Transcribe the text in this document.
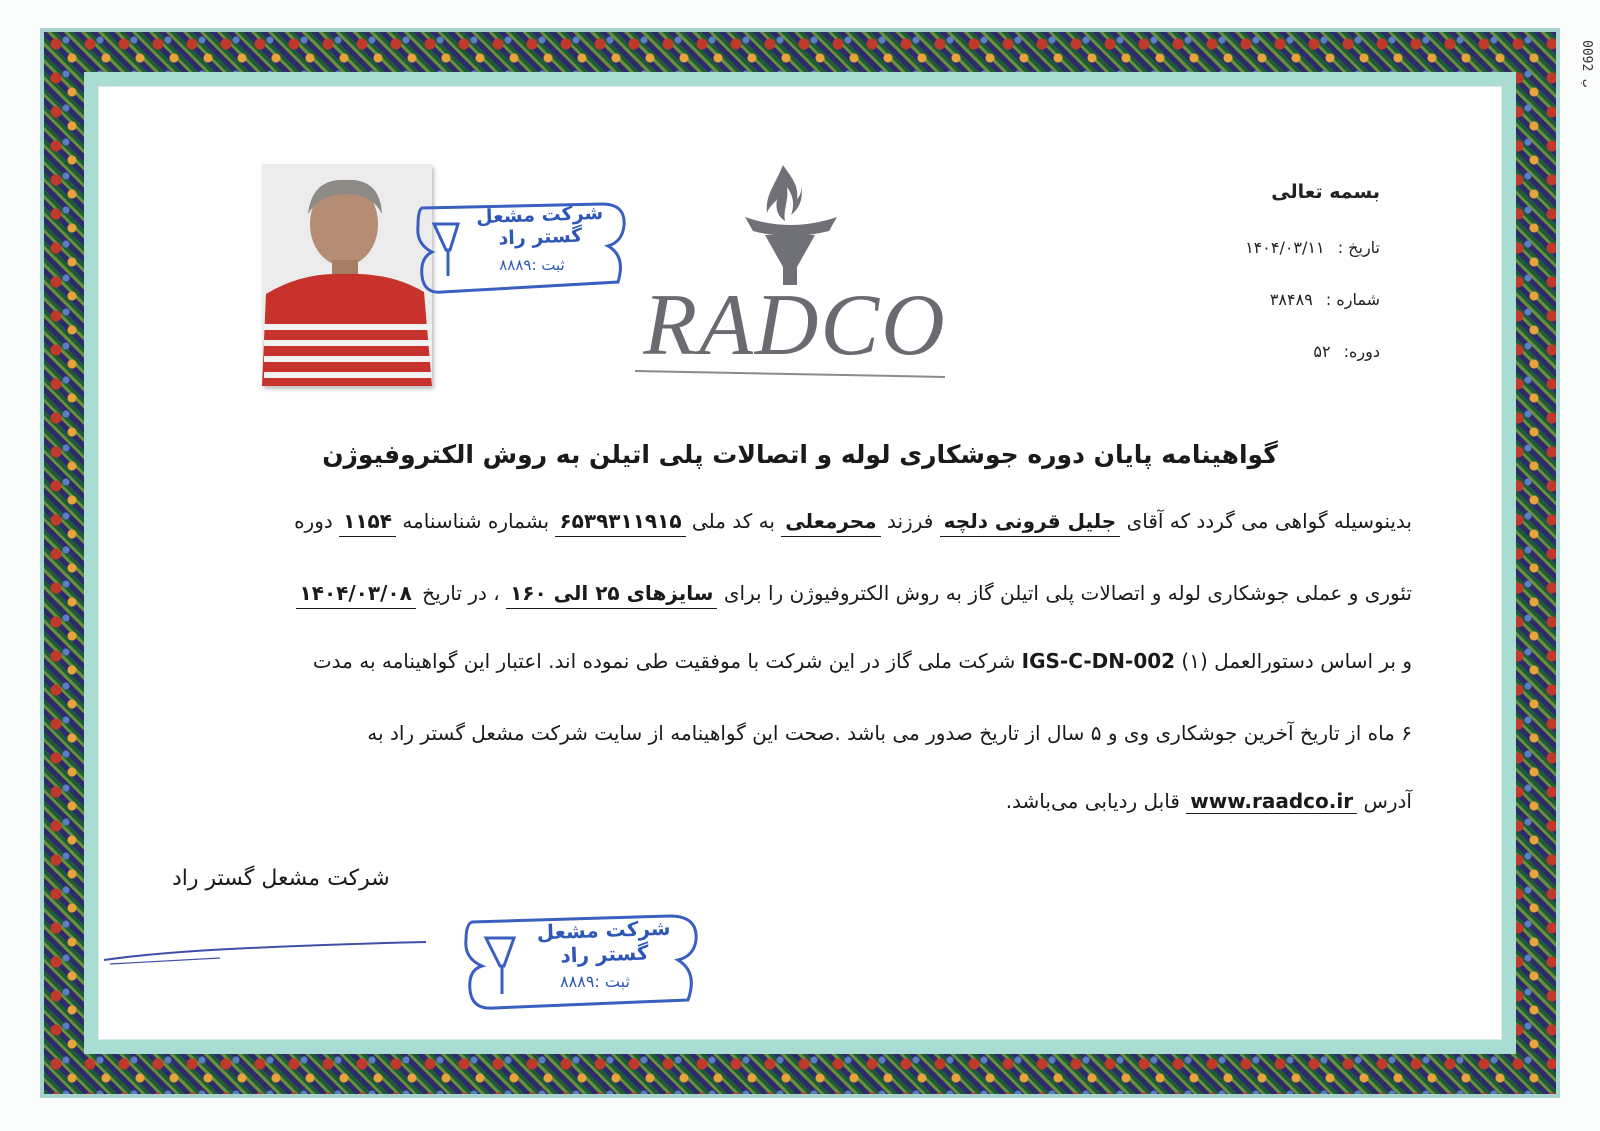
0092 ب
بسمه تعالی
تاریخ : ۱۴۰۴/۰۳/۱۱
شماره : ۳۸۴۸۹
دوره: ۵۲
RADCO
شرکت مشعل گستر راد
ثبت :۸۸۸۹
گواهینامه پایان دوره جوشکاری لوله و اتصالات پلی اتیلن به روش الکتروفیوژن
بدینوسیله گواهی می گردد که آقای جلیل قرونی دلچه فرزند محرمعلی به کد ملی ۶۵۳۹۳۱۱۹۱۵ بشماره شناسنامه ۱۱۵۴ دوره
تئوری و عملی جوشکاری لوله و اتصالات پلی اتیلن گاز به روش الکتروفیوژن را برای سایزهای ۲۵ الی ۱۶۰ ، در تاریخ ۱۴۰۴/۰۳/۰۸
و بر اساس دستورالعمل (۱) IGS-C-DN-002 شرکت ملی گاز در این شرکت با موفقیت طی نموده اند. اعتبار این گواهینامه به مدت
۶ ماه از تاریخ آخرین جوشکاری وی و ۵ سال از تاریخ صدور می باشد .صحت این گواهینامه از سایت شرکت مشعل گستر راد به
آدرس www.raadco.ir قابل ردیابی می‌باشد.
شرکت مشعل گستر راد
شرکت مشعل گستر راد
ثبت :۸۸۸۹
